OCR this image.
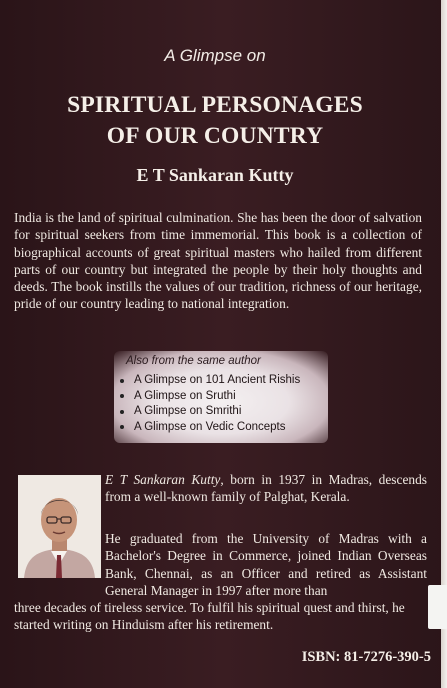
A Glimpse on
SPIRITUAL PERSONAGES
OF OUR COUNTRY
E T Sankaran Kutty
India is the land of spiritual culmination. She has been the door of salvation for spiritual seekers from time immemorial. This book is a collection of biographical accounts of great spiritual masters who hailed from different parts of our country but integrated the people by their holy thoughts and deeds. The book instills the values of our tradition, richness of our heritage, pride of our country leading to national integration.
Also from the same author
A Glimpse on 101 Ancient Rishis
A Glimpse on Sruthi
A Glimpse on Smrithi
A Glimpse on Vedic Concepts
E T Sankaran Kutty, born in 1937 in Madras, descends from a well-known family of Palghat, Kerala.
He graduated from the University of Madras with a Bachelor's Degree in Commerce, joined Indian Overseas Bank, Chennai, as an Officer and retired as Assistant General Manager in 1997 after more than
three decades of tireless service. To fulfil his spiritual quest and thirst, he started writing on Hinduism after his retirement.
ISBN: 81-7276-390-5
